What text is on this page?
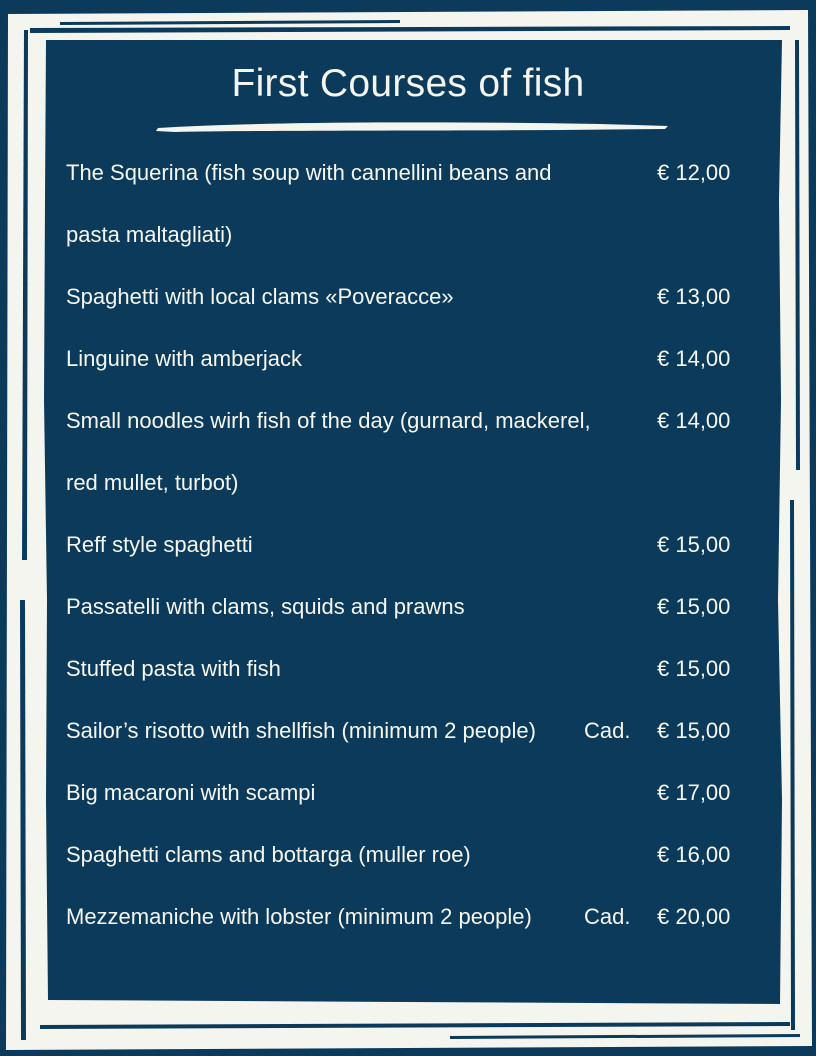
First Courses of fish
The Squerina (fish soup with cannellini beans and
pasta maltagliati)
€ 12,00
Spaghetti with local clams «Poveracce»	€ 13,00
Linguine with amberjack	€ 14,00
Small noodles wirh fish of the day (gurnard, mackerel,
red mullet, turbot)
€ 14,00
Reff style spaghetti	€ 15,00
Passatelli with clams, squids and prawns	€ 15,00
Stuffed pasta with fish	€ 15,00
Sailor’s risotto with shellfish (minimum 2 people) Cad. € 15,00
Big macaroni with scampi	€ 17,00
Spaghetti clams and bottarga (muller roe)	€ 16,00
Mezzemaniche with lobster (minimum 2 people) Cad. € 20,00
